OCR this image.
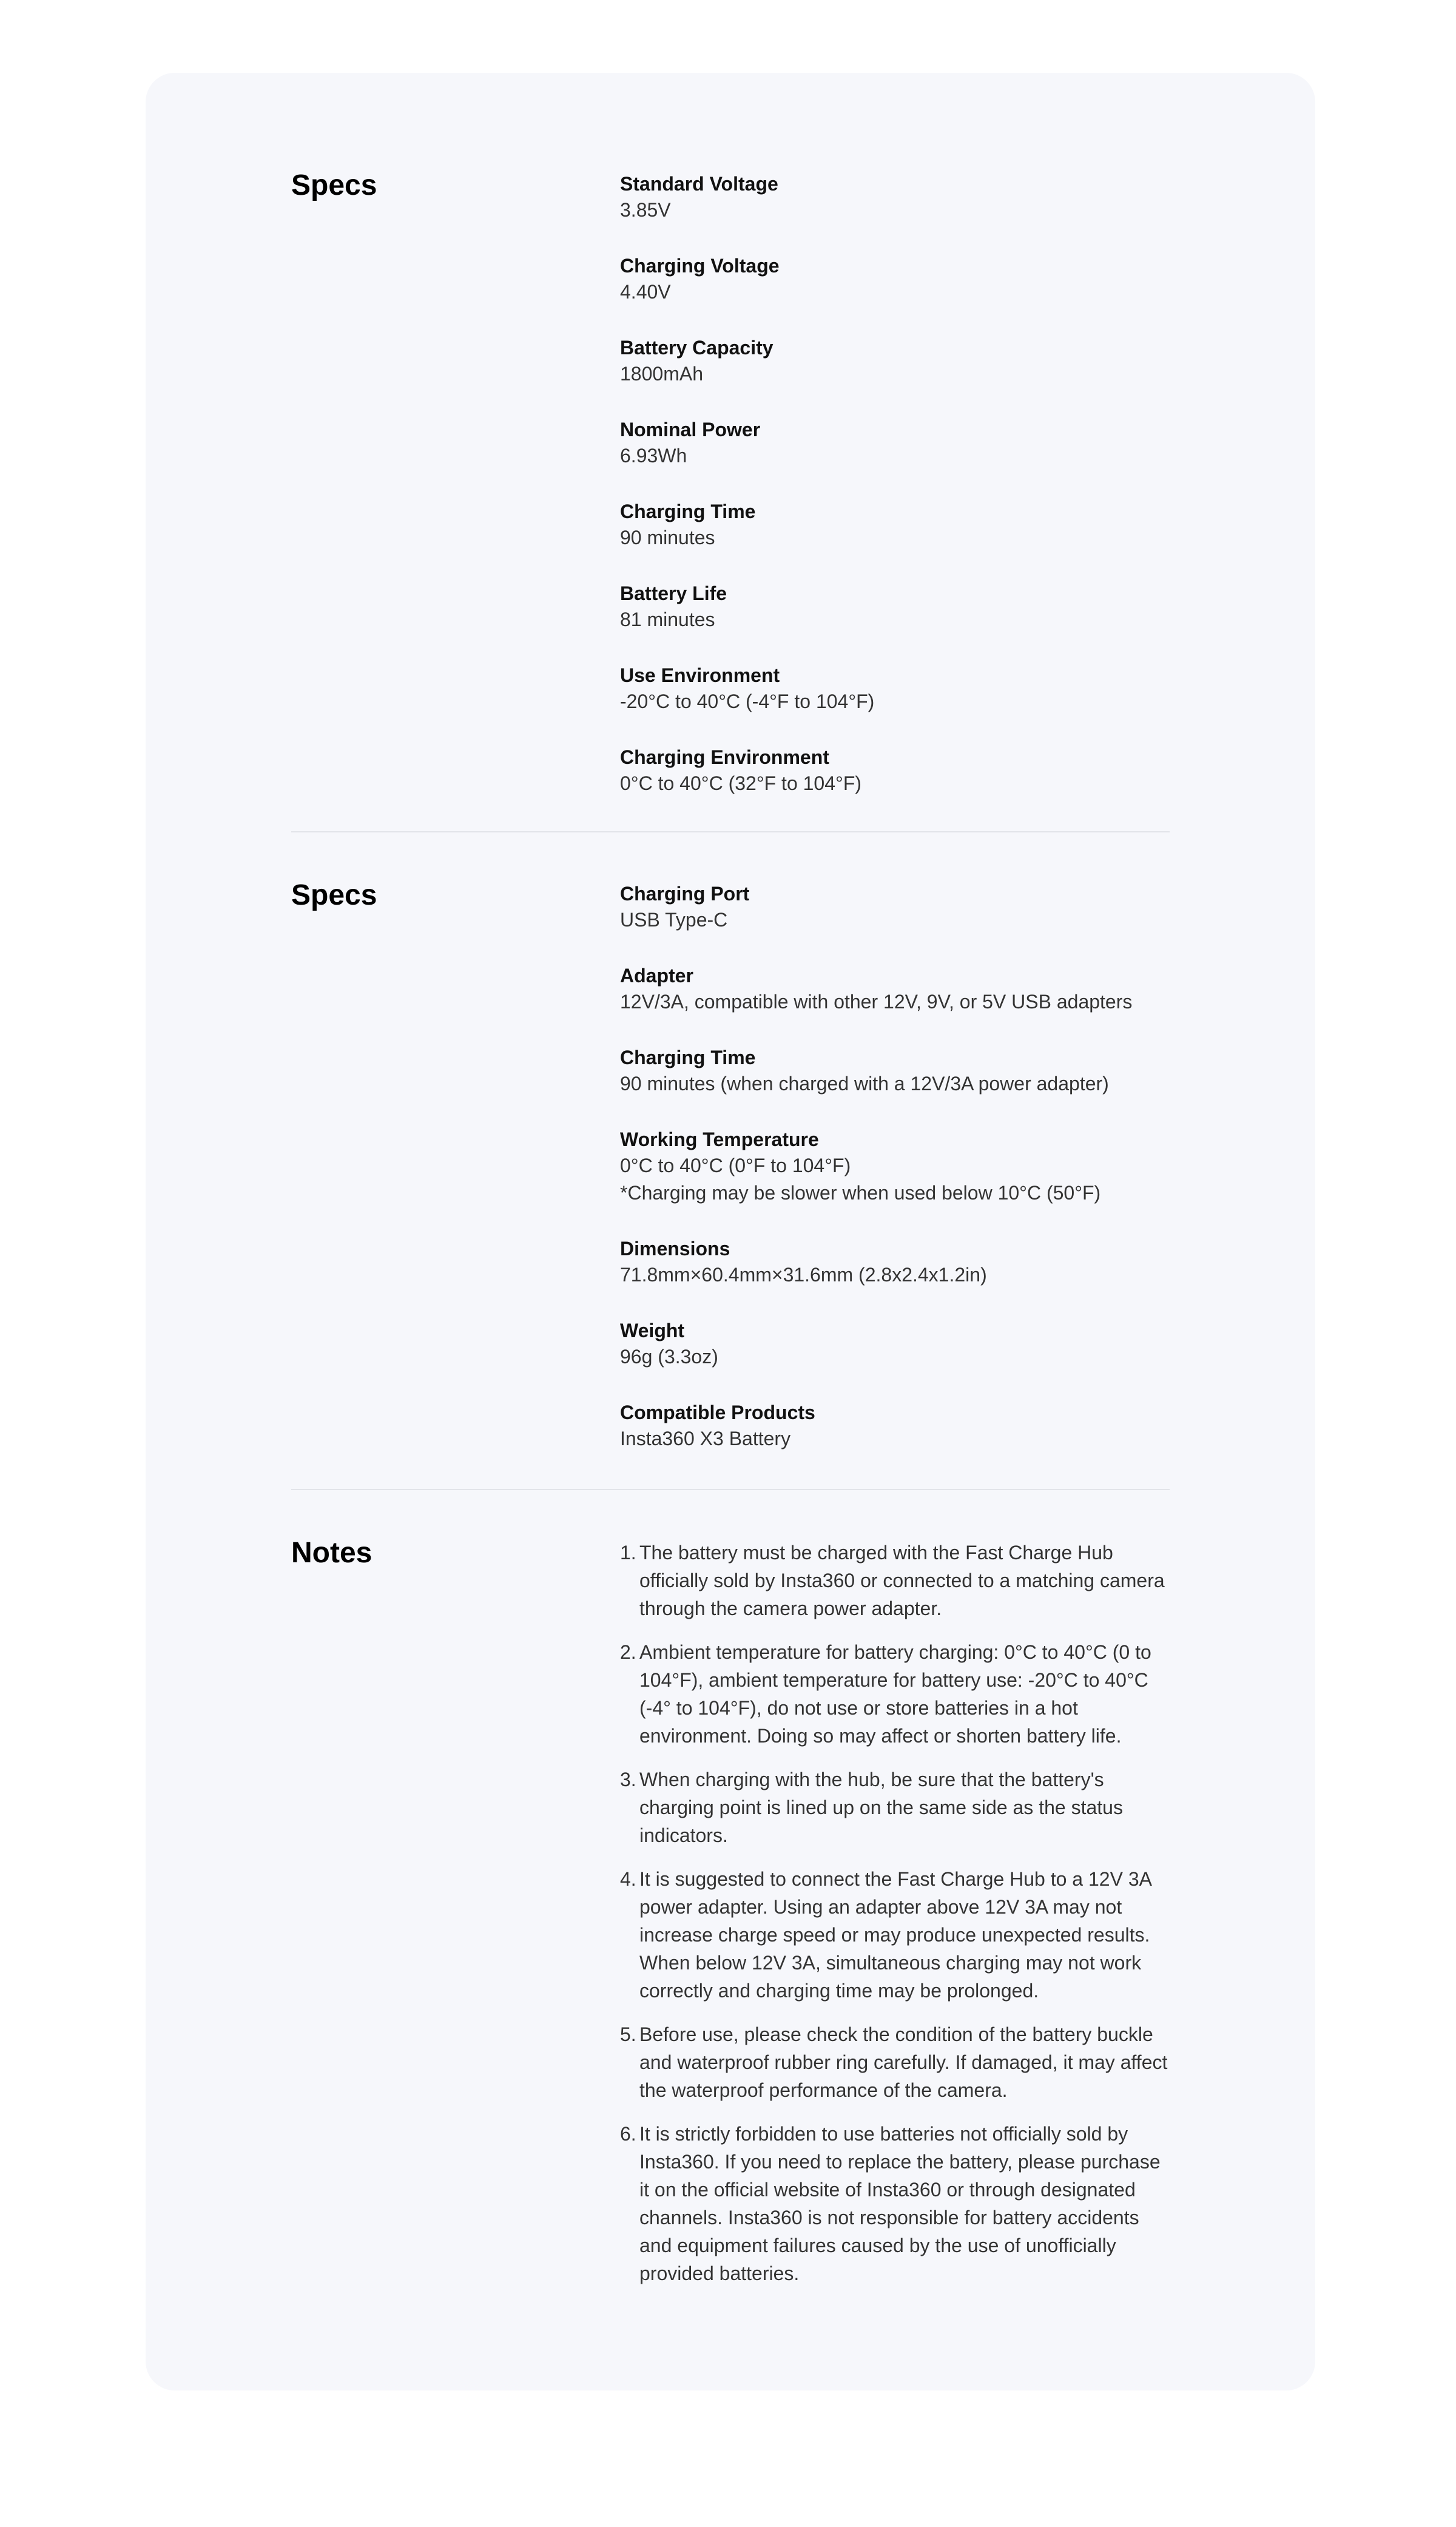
Specs	Standard Voltage
3.85V
Charging Voltage
4.40V
Battery Capacity
1800mAh
Nominal Power
6.93Wh
Charging Time
90 minutes
Battery Life
81 minutes
Use Environment
-20°C to 40°C (-4°F to 104°F)
Charging Environment
0°C to 40°C (32°F to 104°F)
Specs	Charging Port
USB Type-C
Adapter
12V/3A, compatible with other 12V, 9V, or 5V USB adapters
Charging Time
90 minutes (when charged with a 12V/3A power adapter)
Working Temperature
0°C to 40°C (0°F to 104°F)
*Charging may be slower when used below 10°C (50°F)
Dimensions
71.8mm×60.4mm×31.6mm (2.8x2.4x1.2in)
Weight
96g (3.3oz)
Compatible Products
Insta360 X3 Battery
Notes	1. The battery must be charged with the Fast Charge Hub officially sold by Insta360 or connected to a matching camera through the camera power adapter.
2. Ambient temperature for battery charging: 0°C to 40°C (0 to 104°F), ambient temperature for battery use: -20°C to 40°C (-4° to 104°F), do not use or store batteries in a hot environment. Doing so may affect or shorten battery life.
3. When charging with the hub, be sure that the battery's charging point is lined up on the same side as the status indicators.
4. It is suggested to connect the Fast Charge Hub to a 12V 3A power adapter. Using an adapter above 12V 3A may not increase charge speed or may produce unexpected results. When below 12V 3A, simultaneous charging may not work correctly and charging time may be prolonged.
5. Before use, please check the condition of the battery buckle and waterproof rubber ring carefully. If damaged, it may affect the waterproof performance of the camera.
6. It is strictly forbidden to use batteries not officially sold by Insta360. If you need to replace the battery, please purchase it on the official website of Insta360 or through designated channels. Insta360 is not responsible for battery accidents and equipment failures caused by the use of unofficially provided batteries.
